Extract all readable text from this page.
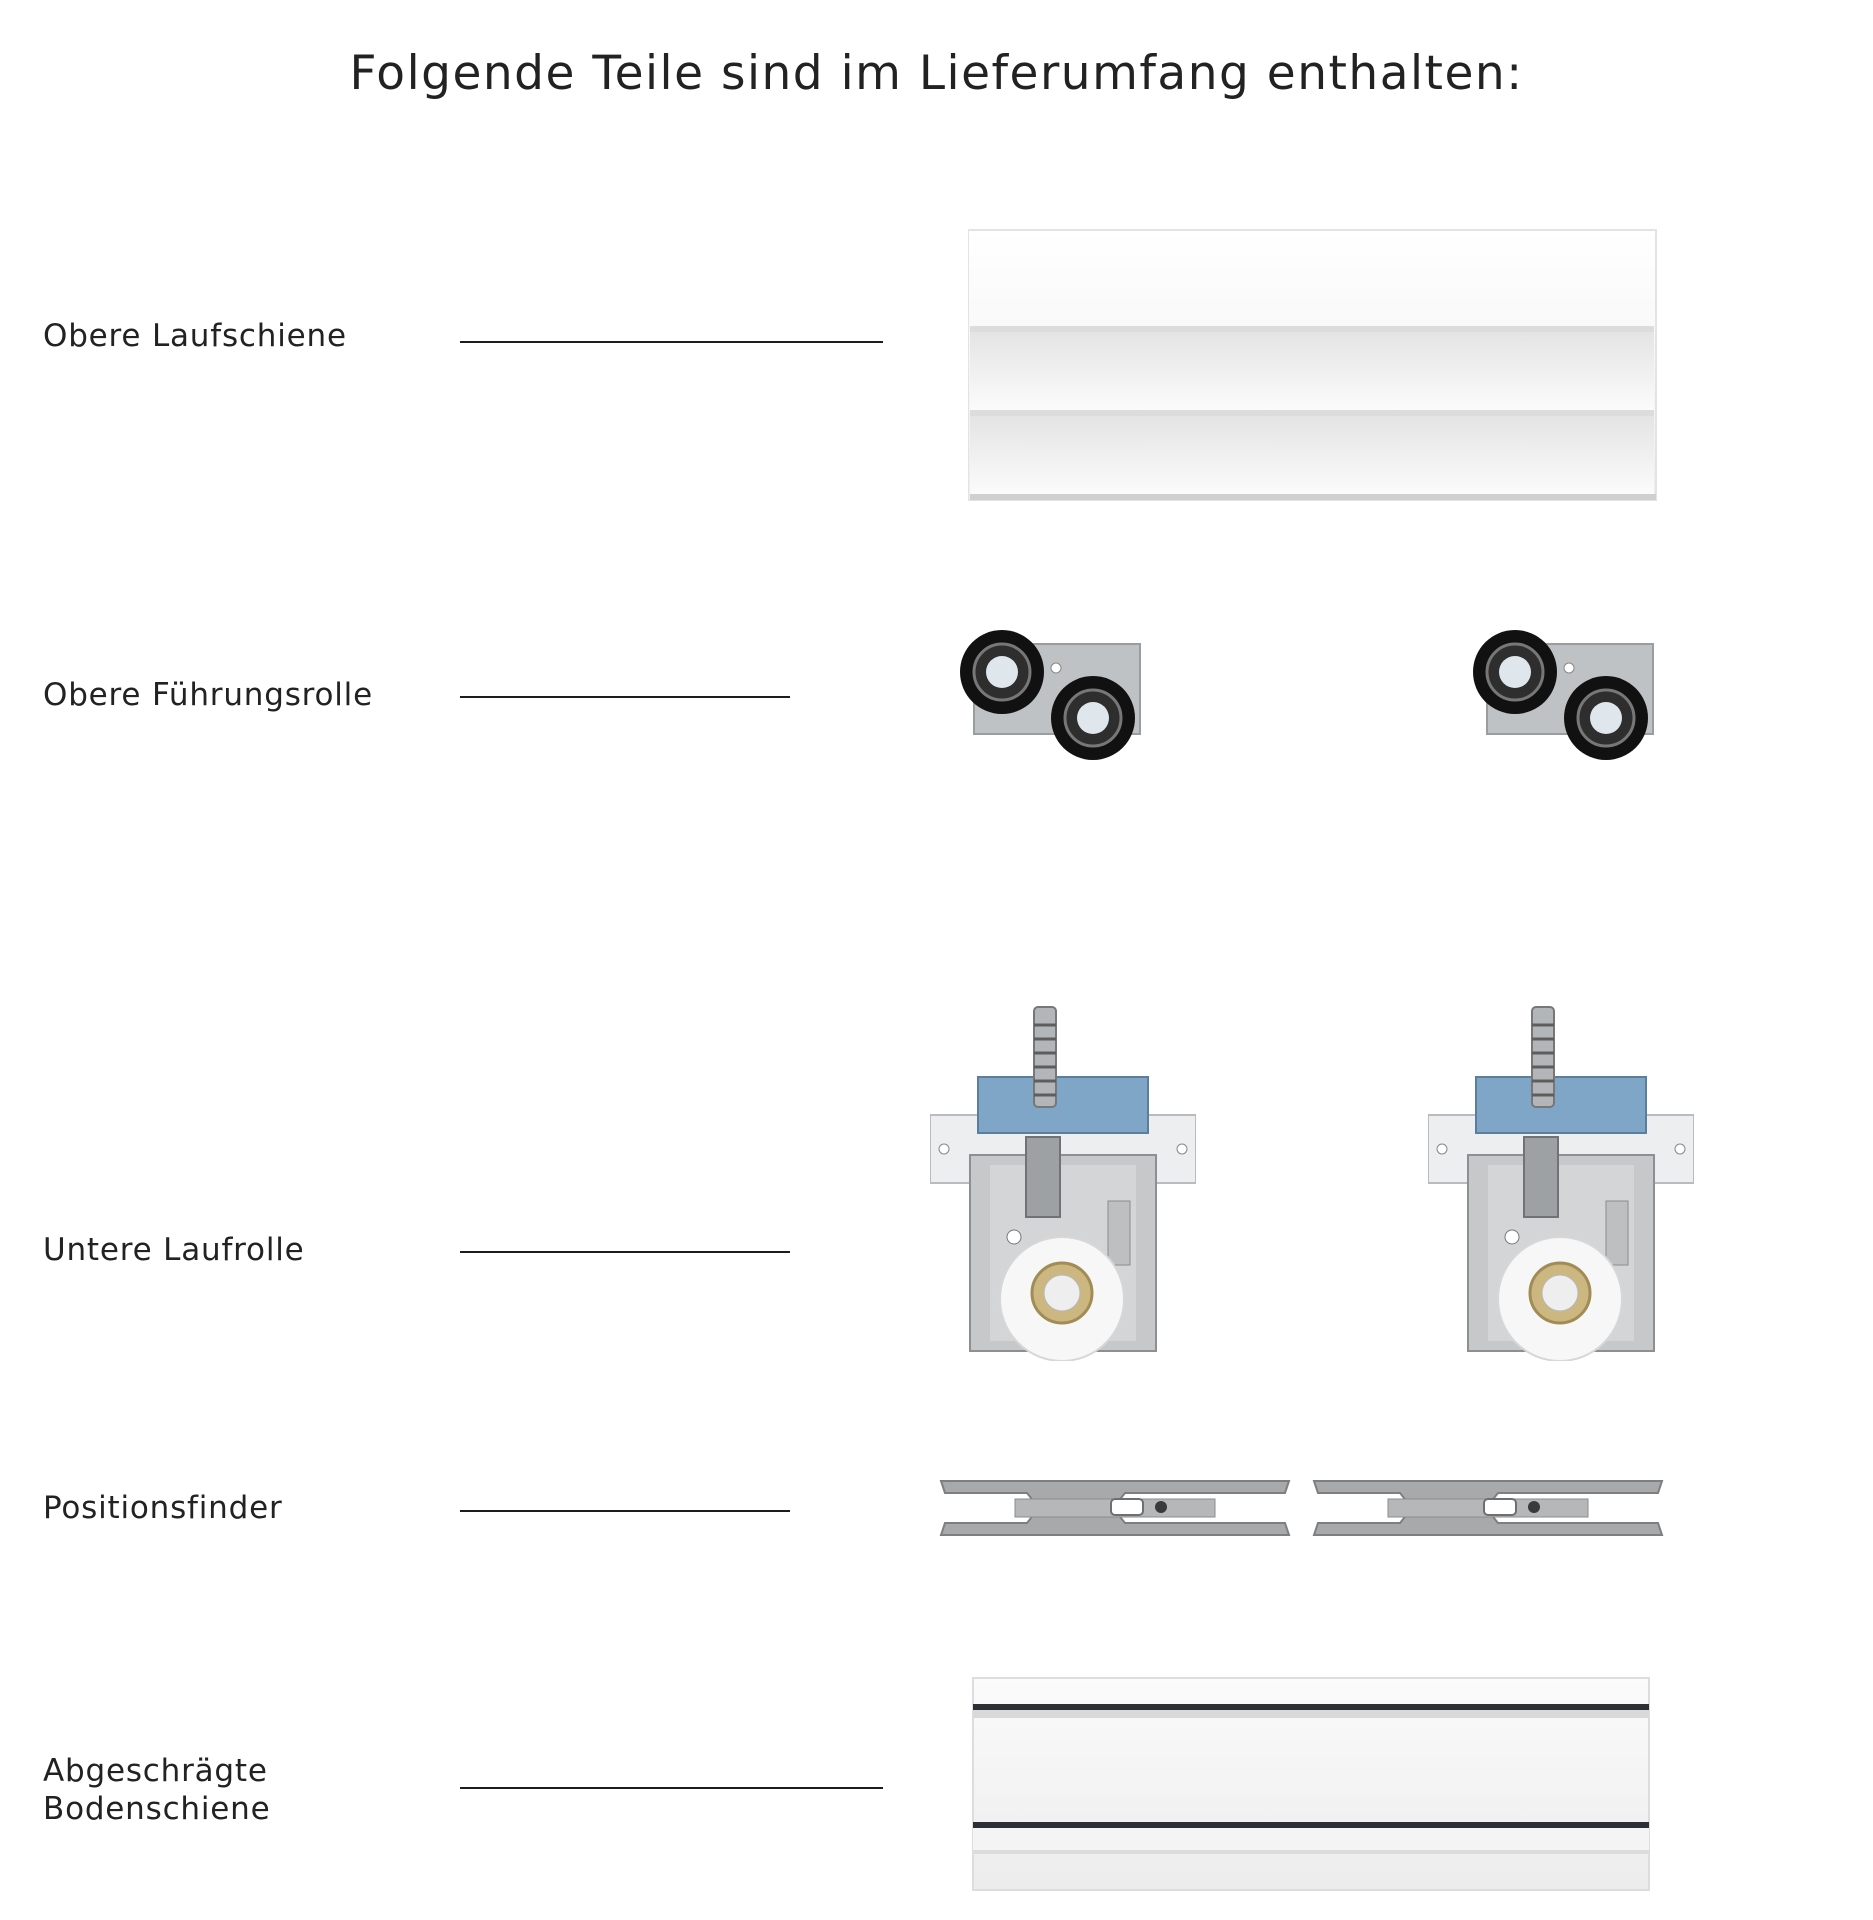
Folgende Teile sind im Lieferumfang enthalten:
Obere Laufschiene
Obere Führungsrolle
Untere Laufrolle
Positionsfinder
Abgeschrägte
Bodenschiene
